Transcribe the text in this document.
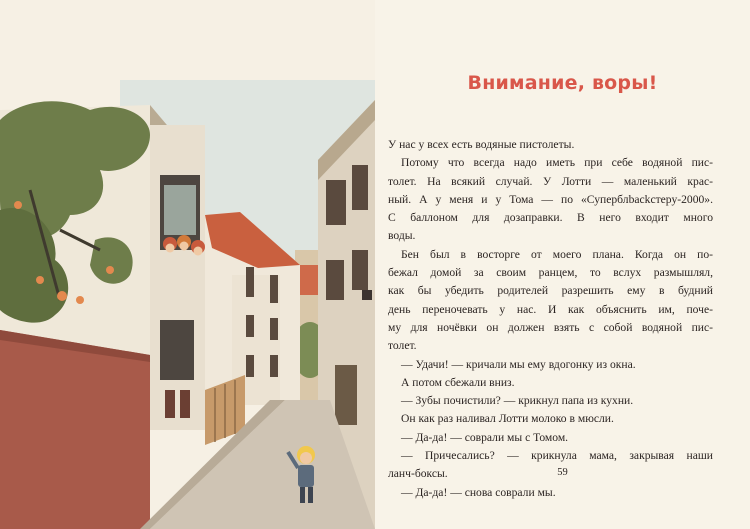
Внимание, воры!
У нас у всех есть водяные пистолеты.
Потому что всегда надо иметь при себе водяной пис-
толет. На всякий случай. У Лотти — маленький крас-
ный. А у меня и у Тома — по «Суперблbackстеру-2000».
С баллоном для дозаправки. В него входит много
воды.
Бен был в восторге от моего плана. Когда он по-
бежал домой за своим ранцем, то вслух размышлял,
как бы убедить родителей разрешить ему в будний
день переночевать у нас. И как объяснить им, поче-
му для ночёвки он должен взять с собой водяной пис-
толет.
— Удачи! — кричали мы ему вдогонку из окна.
А потом сбежали вниз.
— Зубы почистили? — крикнул папа из кухни.
Он как раз наливал Лотти молоко в мюсли.
— Да-да! — соврали мы с Томом.
— Причесались? — крикнула мама, закрывая наши
ланч-боксы.
— Да-да! — снова соврали мы.
59
